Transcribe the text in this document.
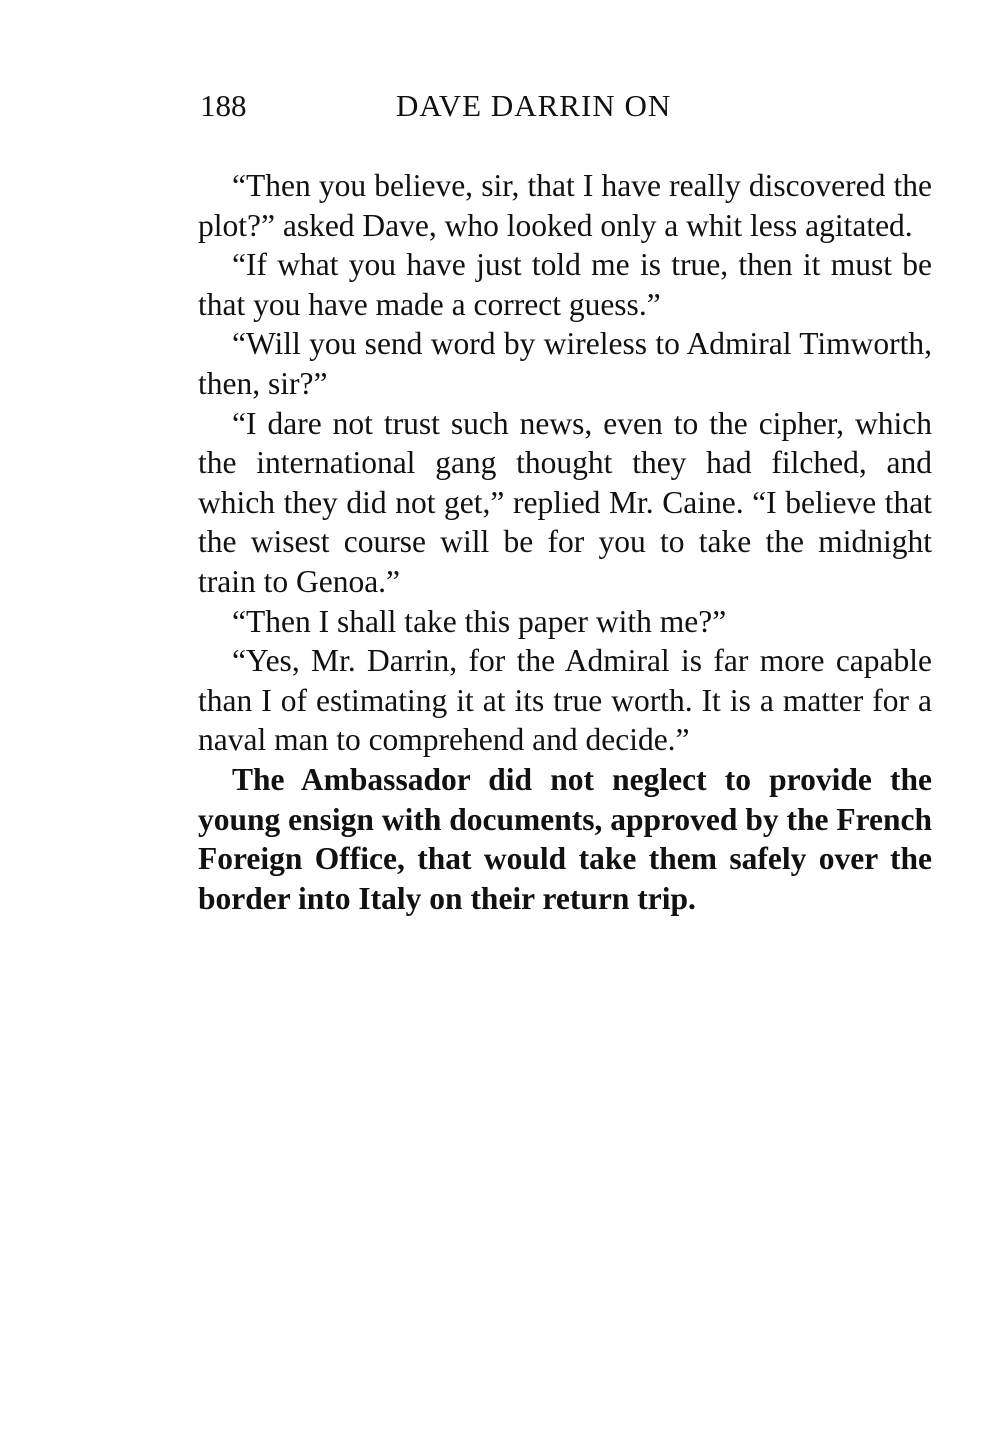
188	DAVE DARRIN ON

“Then you believe, sir, that I have really discovered the plot?” asked Dave, who looked only a whit less agitated.

“If what you have just told me is true, then it must be that you have made a correct guess.”

“Will you send word by wireless to Admiral Timworth, then, sir?”

“I dare not trust such news, even to the cipher, which the international gang thought they had filched, and which they did not get,” replied Mr. Caine. “I believe that the wisest course will be for you to take the midnight train to Genoa.”

“Then I shall take this paper with me?”

“Yes, Mr. Darrin, for the Admiral is far more capable than I of estimating it at its true worth. It is a matter for a naval man to comprehend and decide.”

The Ambassador did not neglect to provide the young ensign with documents, approved by the French Foreign Office, that would take them safely over the border into Italy on their return trip.
